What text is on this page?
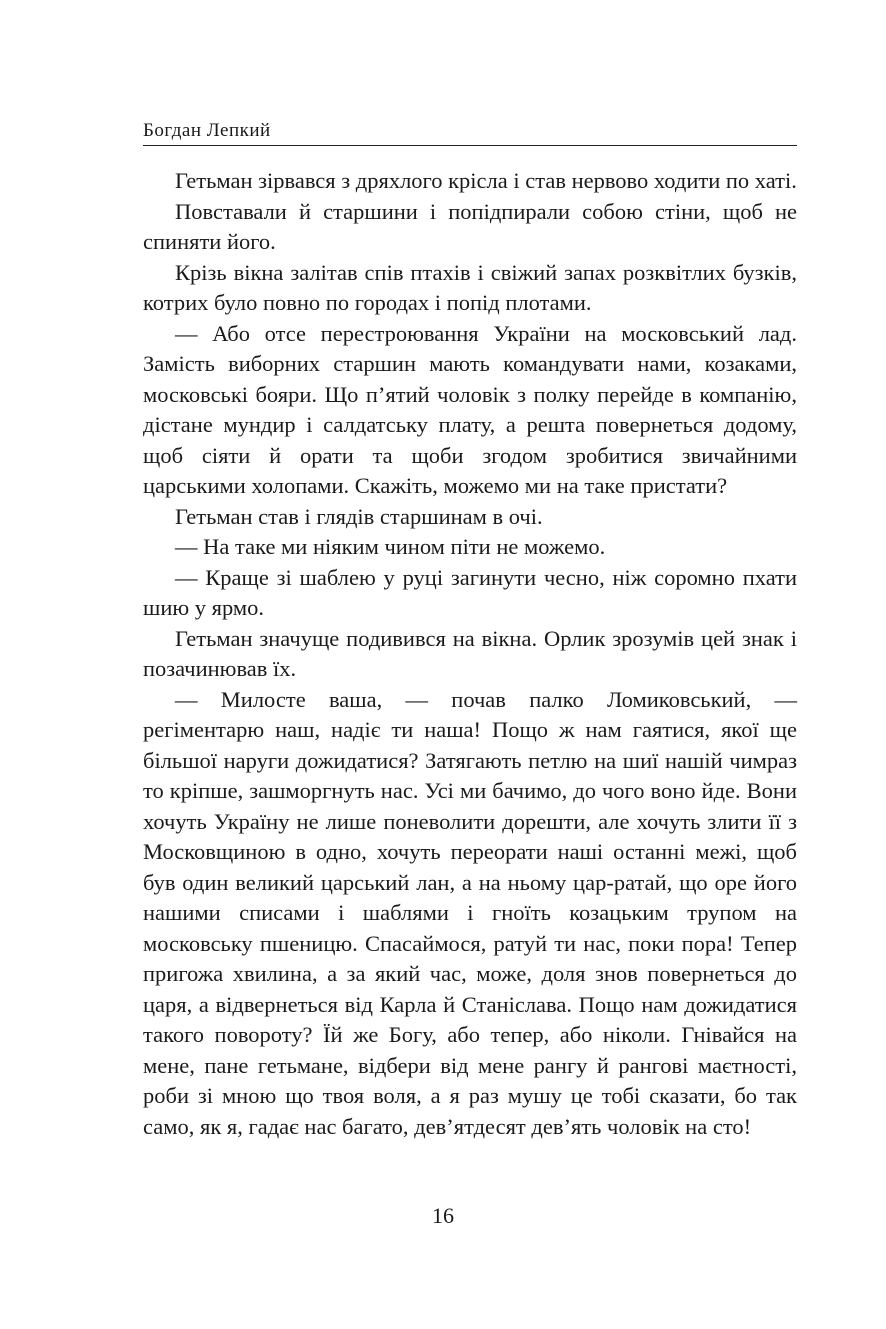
Богдан Лепкий

Гетьман зірвався з дряхлого крісла і став нервово ходити по хаті.

Повставали й старшини і попідпирали собою стіни, щоб не спиняти його.

Крізь вікна залітав спів птахів і свіжий запах розквітлих бузків, котрих було повно по городах і попід плотами.

— Або отсе перестроювання України на московський лад. Замість виборних старшин мають командувати нами, козаками, московські бояри. Що п’ятий чоловік з полку перейде в компанію, дістане мундир і салдатську плату, а решта повернеться додому, щоб сіяти й орати та щоби згодом зробитися звичайними царськими холопами. Скажіть, можемо ми на таке пристати?

Гетьман став і глядів старшинам в очі.

— На таке ми ніяким чином піти не можемо.

— Краще зі шаблею у руці загинути чесно, ніж соромно пхати шию у ярмо.

Гетьман значуще подивився на вікна. Орлик зрозумів цей знак і позачинював їх.

— Милосте ваша, — почав палко Ломиковський, — регіментарю наш, надіє ти наша! Пощо ж нам гаятися, якої ще більшої наруги дожидатися? Затягають петлю на шиї нашій чимраз то кріпше, зашморгнуть нас. Усі ми бачимо, до чого воно йде. Вони хочуть Україну не лише поневолити дорешти, але хочуть злити її з Московщиною в одно, хочуть переорати наші останні межі, щоб був один великий царський лан, а на ньому цар-ратай, що оре його нашими списами і шаблями і гноїть козацьким трупом на московську пшеницю. Спасаймося, ратуй ти нас, поки пора! Тепер пригожа хвилина, а за який час, може, доля знов повернеться до царя, а відвернеться від Карла й Станіслава. Пощо нам дожидатися такого повороту? Їй же Богу, або тепер, або ніколи. Гнівайся на мене, пане гетьмане, відбери від мене рангу й рангові маєтності, роби зі мною що твоя воля, а я раз мушу це тобі сказати, бо так само, як я, гадає нас багато, дев’ятдесят дев’ять чоловік на сто!

16
